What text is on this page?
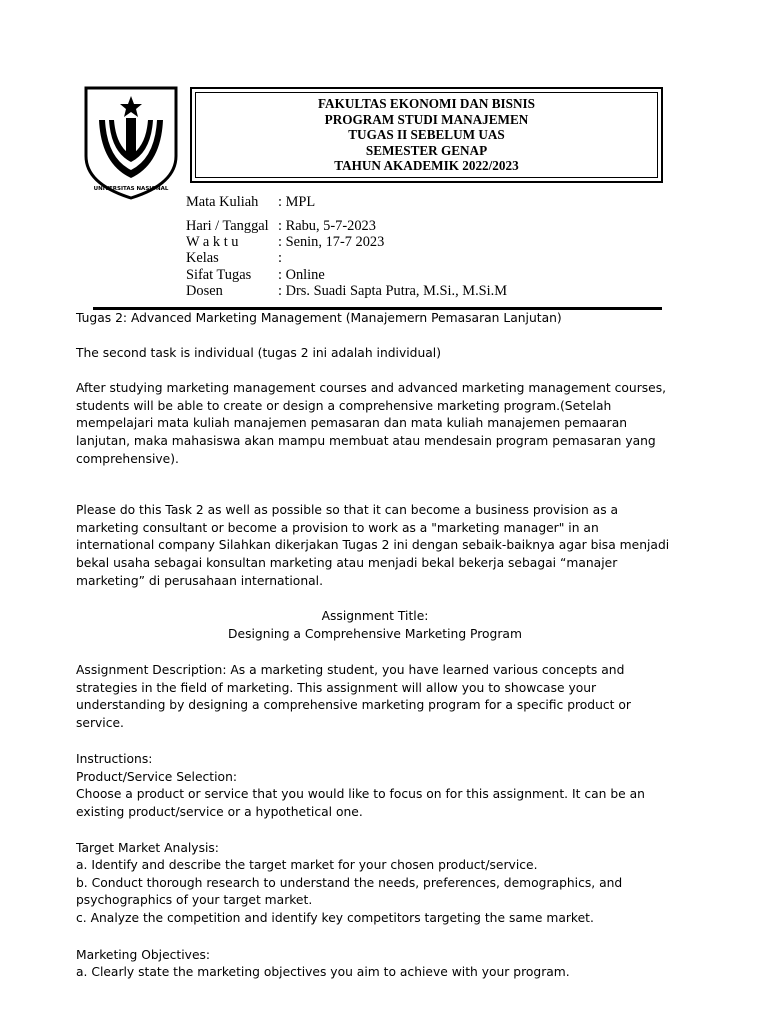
UNIVERSITAS NASIONAL
FAKULTAS EKONOMI DAN BISNIS
PROGRAM STUDI MANAJEMEN
TUGAS II SEBELUM UAS
SEMESTER GENAP
TAHUN AKADEMIK 2022/2023
Mata Kuliah : MPL
Hari / Tanggal : Rabu, 5-7-2023
W a k t u	: Senin, 17-7 2023
Kelas	:
Sifat Tugas : Online
Dosen	: Drs. Suadi Sapta Putra, M.Si., M.Si.M
Tugas 2: Advanced Marketing Management (Manajemern Pemasaran Lanjutan)
The second task is individual (tugas 2 ini adalah individual)
After studying marketing management courses and advanced marketing management courses,
students will be able to create or design a comprehensive marketing program.(Setelah
mempelajari mata kuliah manajemen pemasaran dan mata kuliah manajemen pemaaran
lanjutan, maka mahasiswa akan mampu membuat atau mendesain program pemasaran yang
comprehensive).
Please do this Task 2 as well as possible so that it can become a business provision as a
marketing consultant or become a provision to work as a "marketing manager" in an
international company Silahkan dikerjakan Tugas 2 ini dengan sebaik-baiknya agar bisa menjadi
bekal usaha sebagai konsultan marketing atau menjadi bekal bekerja sebagai “manajer
marketing” di perusahaan international.
Assignment Title:
Designing a Comprehensive Marketing Program
Assignment Description: As a marketing student, you have learned various concepts and
strategies in the field of marketing. This assignment will allow you to showcase your
understanding by designing a comprehensive marketing program for a specific product or
service.
Instructions:
Product/Service Selection:
Choose a product or service that you would like to focus on for this assignment. It can be an
existing product/service or a hypothetical one.
Target Market Analysis:
a. Identify and describe the target market for your chosen product/service.
b. Conduct thorough research to understand the needs, preferences, demographics, and
psychographics of your target market.
c. Analyze the competition and identify key competitors targeting the same market.
Marketing Objectives:
a. Clearly state the marketing objectives you aim to achieve with your program.
